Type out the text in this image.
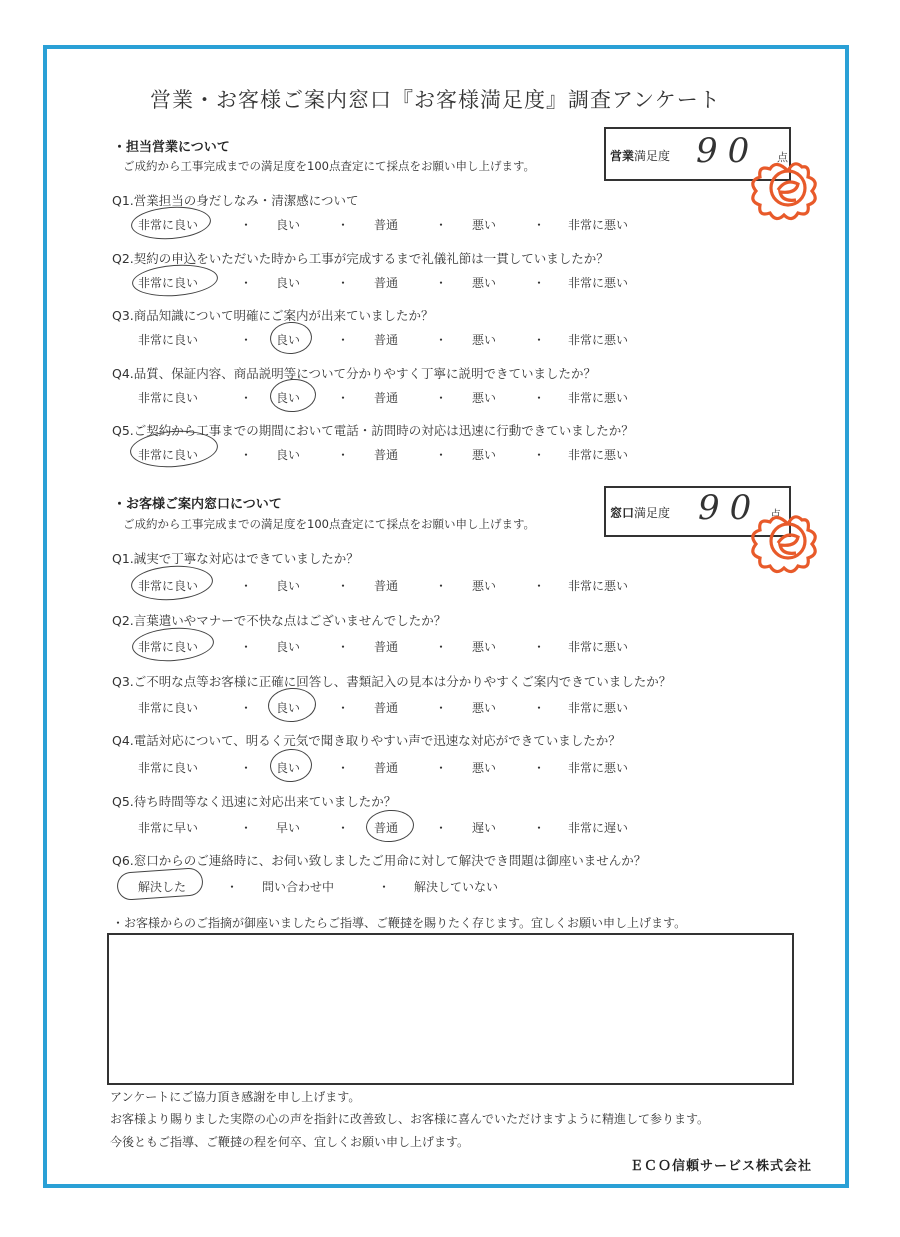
営業・お客様ご案内窓口『お客様満足度』調査アンケート
・担当営業について
ご成約から工事完成までの満足度を100点査定にて採点をお願い申し上げます。
営業満足度 90 点
Q1.営業担当の身だしなみ・清潔感について
非常に良い	・ 良い	・ 普通	・ 悪い	・ 非常に悪い
Q2.契約の申込をいただいた時から工事が完成するまで礼儀礼節は一貫していましたか？
非常に良い	・ 良い	・ 普通	・ 悪い	・ 非常に悪い
Q3.商品知識について明確にご案内が出来ていましたか？
非常に良い	・ 良い	・ 普通	・ 悪い	・ 非常に悪い
Q4.品質、保証内容、商品説明等について分かりやすく丁寧に説明できていましたか？
非常に良い	・ 良い	・ 普通	・ 悪い	・ 非常に悪い
Q5.ご契約から工事までの期間において電話・訪問時の対応は迅速に行動できていましたか？
非常に良い	・ 良い	・ 普通	・ 悪い	・ 非常に悪い
・お客様ご案内窓口について
ご成約から工事完成までの満足度を100点査定にて採点をお願い申し上げます。
窓口満足度 90 点
Q1.誠実で丁寧な対応はできていましたか？
非常に良い	・ 良い	・ 普通	・ 悪い	・ 非常に悪い
Q2.言葉遣いやマナーで不快な点はございませんでしたか？
非常に良い	・ 良い	・ 普通	・ 悪い	・ 非常に悪い
Q3.ご不明な点等お客様に正確に回答し、書類記入の見本は分かりやすくご案内できていましたか？
非常に良い	・ 良い	・ 普通	・ 悪い	・ 非常に悪い
Q4.電話対応について、明るく元気で聞き取りやすい声で迅速な対応ができていましたか？
非常に良い	・ 良い	・ 普通	・ 悪い	・ 非常に悪い
Q5.待ち時間等なく迅速に対応出来ていましたか？
非常に早い	・ 早い	・ 普通	・ 遅い	・ 非常に遅い
Q6.窓口からのご連絡時に、お伺い致しましたご用命に対して解決でき問題は御座いませんか？
解決した	・ 問い合わせ中	・ 解決していない
・お客様からのご指摘が御座いましたらご指導、ご鞭撻を賜りたく存じます。宜しくお願い申し上げます。
アンケートにご協力頂き感謝を申し上げます。
お客様より賜りました実際の心の声を指針に改善致し、お客様に喜んでいただけますように精進して参ります。
今後ともご指導、ご鞭撻の程を何卒、宜しくお願い申し上げます。
ＥＣＯ信頼サービス株式会社
